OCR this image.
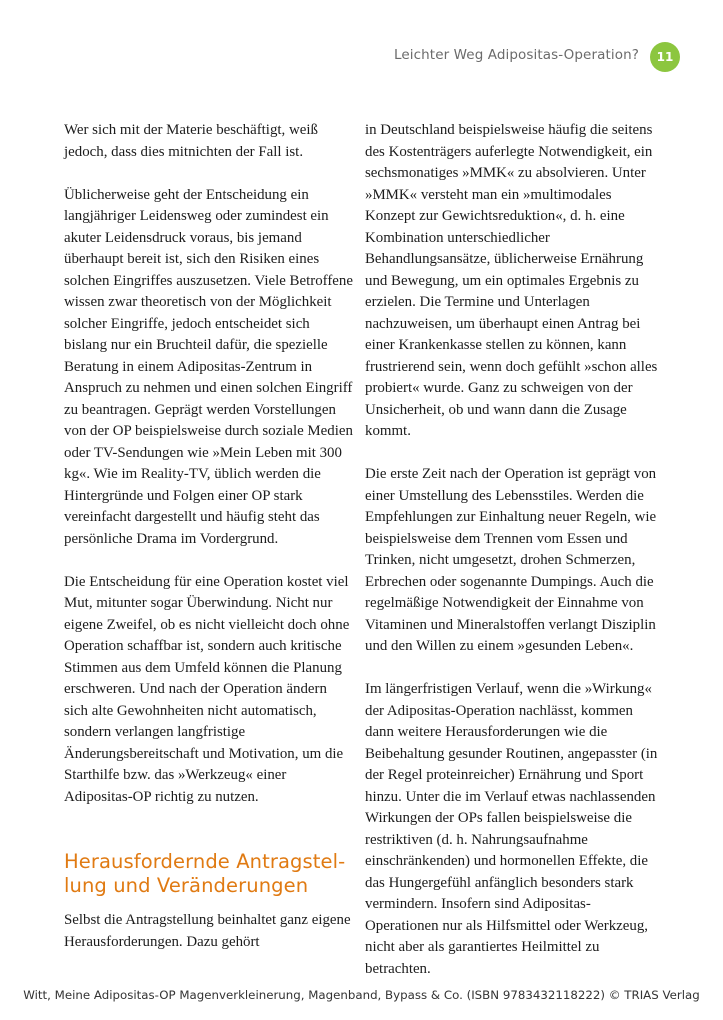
Leichter Weg Adipositas-Operation?	11

Wer sich mit der Materie beschäftigt, weiß jedoch, dass dies mitnichten der Fall ist.

Üblicherweise geht der Entscheidung ein langjähriger Leidensweg oder zumindest ein akuter Leidensdruck voraus, bis jemand überhaupt bereit ist, sich den Risiken eines solchen Eingriffes auszusetzen. Viele Betroffene wissen zwar theoretisch von der Möglichkeit solcher Eingriffe, jedoch entscheidet sich bislang nur ein Bruchteil dafür, die spezielle Beratung in einem Adipositas-Zentrum in Anspruch zu nehmen und einen solchen Eingriff zu beantragen. Geprägt werden Vorstellungen von der OP beispielsweise durch soziale Medien oder TV-Sendungen wie »Mein Leben mit 300 kg«. Wie im Reality-TV, üblich werden die Hintergründe und Folgen einer OP stark vereinfacht dargestellt und häufig steht das persönliche Drama im Vordergrund.

Die Entscheidung für eine Operation kostet viel Mut, mitunter sogar Überwindung. Nicht nur eigene Zweifel, ob es nicht vielleicht doch ohne Operation schaffbar ist, sondern auch kritische Stimmen aus dem Umfeld können die Planung erschweren. Und nach der Operation ändern sich alte Gewohnheiten nicht automatisch, sondern verlangen langfristige Änderungsbereitschaft und Motivation, um die Starthilfe bzw. das »Werkzeug« einer Adipositas-OP richtig zu nutzen.

Herausfordernde Antragstel-
lung und Veränderungen

Selbst die Antragstellung beinhaltet ganz eigene Herausforderungen. Dazu gehört

in Deutschland beispielsweise häufig die seitens des Kostenträgers auferlegte Notwendigkeit, ein sechsmonatiges »MMK« zu absolvieren. Unter »MMK« versteht man ein »multimodales Konzept zur Gewichtsreduktion«, d. h. eine Kombination unterschiedlicher Behandlungsansätze, üblicherweise Ernährung und Bewegung, um ein optimales Ergebnis zu erzielen. Die Termine und Unterlagen nachzuweisen, um überhaupt einen Antrag bei einer Krankenkasse stellen zu können, kann frustrierend sein, wenn doch gefühlt »schon alles probiert« wurde. Ganz zu schweigen von der Unsicherheit, ob und wann dann die Zusage kommt.

Die erste Zeit nach der Operation ist geprägt von einer Umstellung des Lebensstiles. Werden die Empfehlungen zur Einhaltung neuer Regeln, wie beispielsweise dem Trennen vom Essen und Trinken, nicht umgesetzt, drohen Schmerzen, Erbrechen oder sogenannte Dumpings. Auch die regelmäßige Notwendigkeit der Einnahme von Vitaminen und Mineralstoffen verlangt Disziplin und den Willen zu einem »gesunden Leben«.

Im längerfristigen Verlauf, wenn die »Wirkung« der Adipositas-Operation nachlässt, kommen dann weitere Herausforderungen wie die Beibehaltung gesunder Routinen, angepasster (in der Regel proteinreicher) Ernährung und Sport hinzu. Unter die im Verlauf etwas nachlassenden Wirkungen der OPs fallen beispielsweise die restriktiven (d. h. Nahrungsaufnahme einschränkenden) und hormonellen Effekte, die das Hungergefühl anfänglich besonders stark vermindern. Insofern sind Adipositas-Operationen nur als Hilfsmittel oder Werkzeug, nicht aber als garantiertes Heilmittel zu betrachten.

Witt, Meine Adipositas-OP Magenverkleinerung, Magenband, Bypass & Co. (ISBN 9783432118222) © TRIAS Verlag
